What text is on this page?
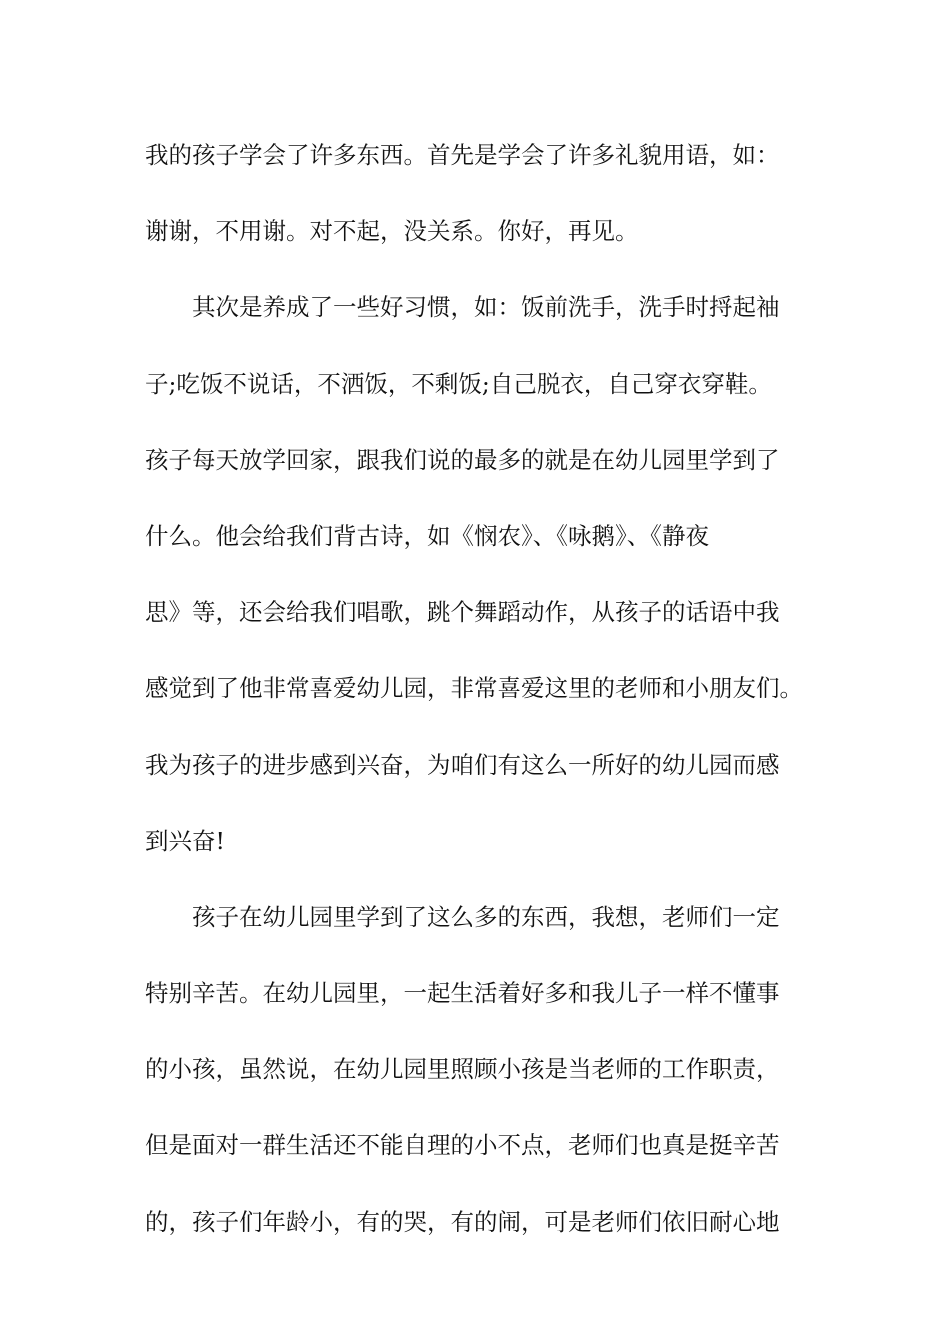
我的孩子学会了许多东西。首先是学会了许多礼貌用语，如：
谢谢，不用谢。对不起，没关系。你好，再见。
其次是养成了一些好习惯，如：饭前洗手，洗手时捋起袖
子;吃饭不说话，不洒饭，不剩饭;自己脱衣，自己穿衣穿鞋。
孩子每天放学回家，跟我们说的最多的就是在幼儿园里学到了
什么。他会给我们背古诗，如《悯农》、《咏鹅》、《静夜
思》等，还会给我们唱歌，跳个舞蹈动作，从孩子的话语中我
感觉到了他非常喜爱幼儿园，非常喜爱这里的老师和小朋友们。
我为孩子的进步感到兴奋，为咱们有这么一所好的幼儿园而感
到兴奋!
孩子在幼儿园里学到了这么多的东西，我想，老师们一定
特别辛苦。在幼儿园里，一起生活着好多和我儿子一样不懂事
的小孩，虽然说，在幼儿园里照顾小孩是当老师的工作职责，
但是面对一群生活还不能自理的小不点，老师们也真是挺辛苦
的，孩子们年龄小，有的哭，有的闹，可是老师们依旧耐心地
